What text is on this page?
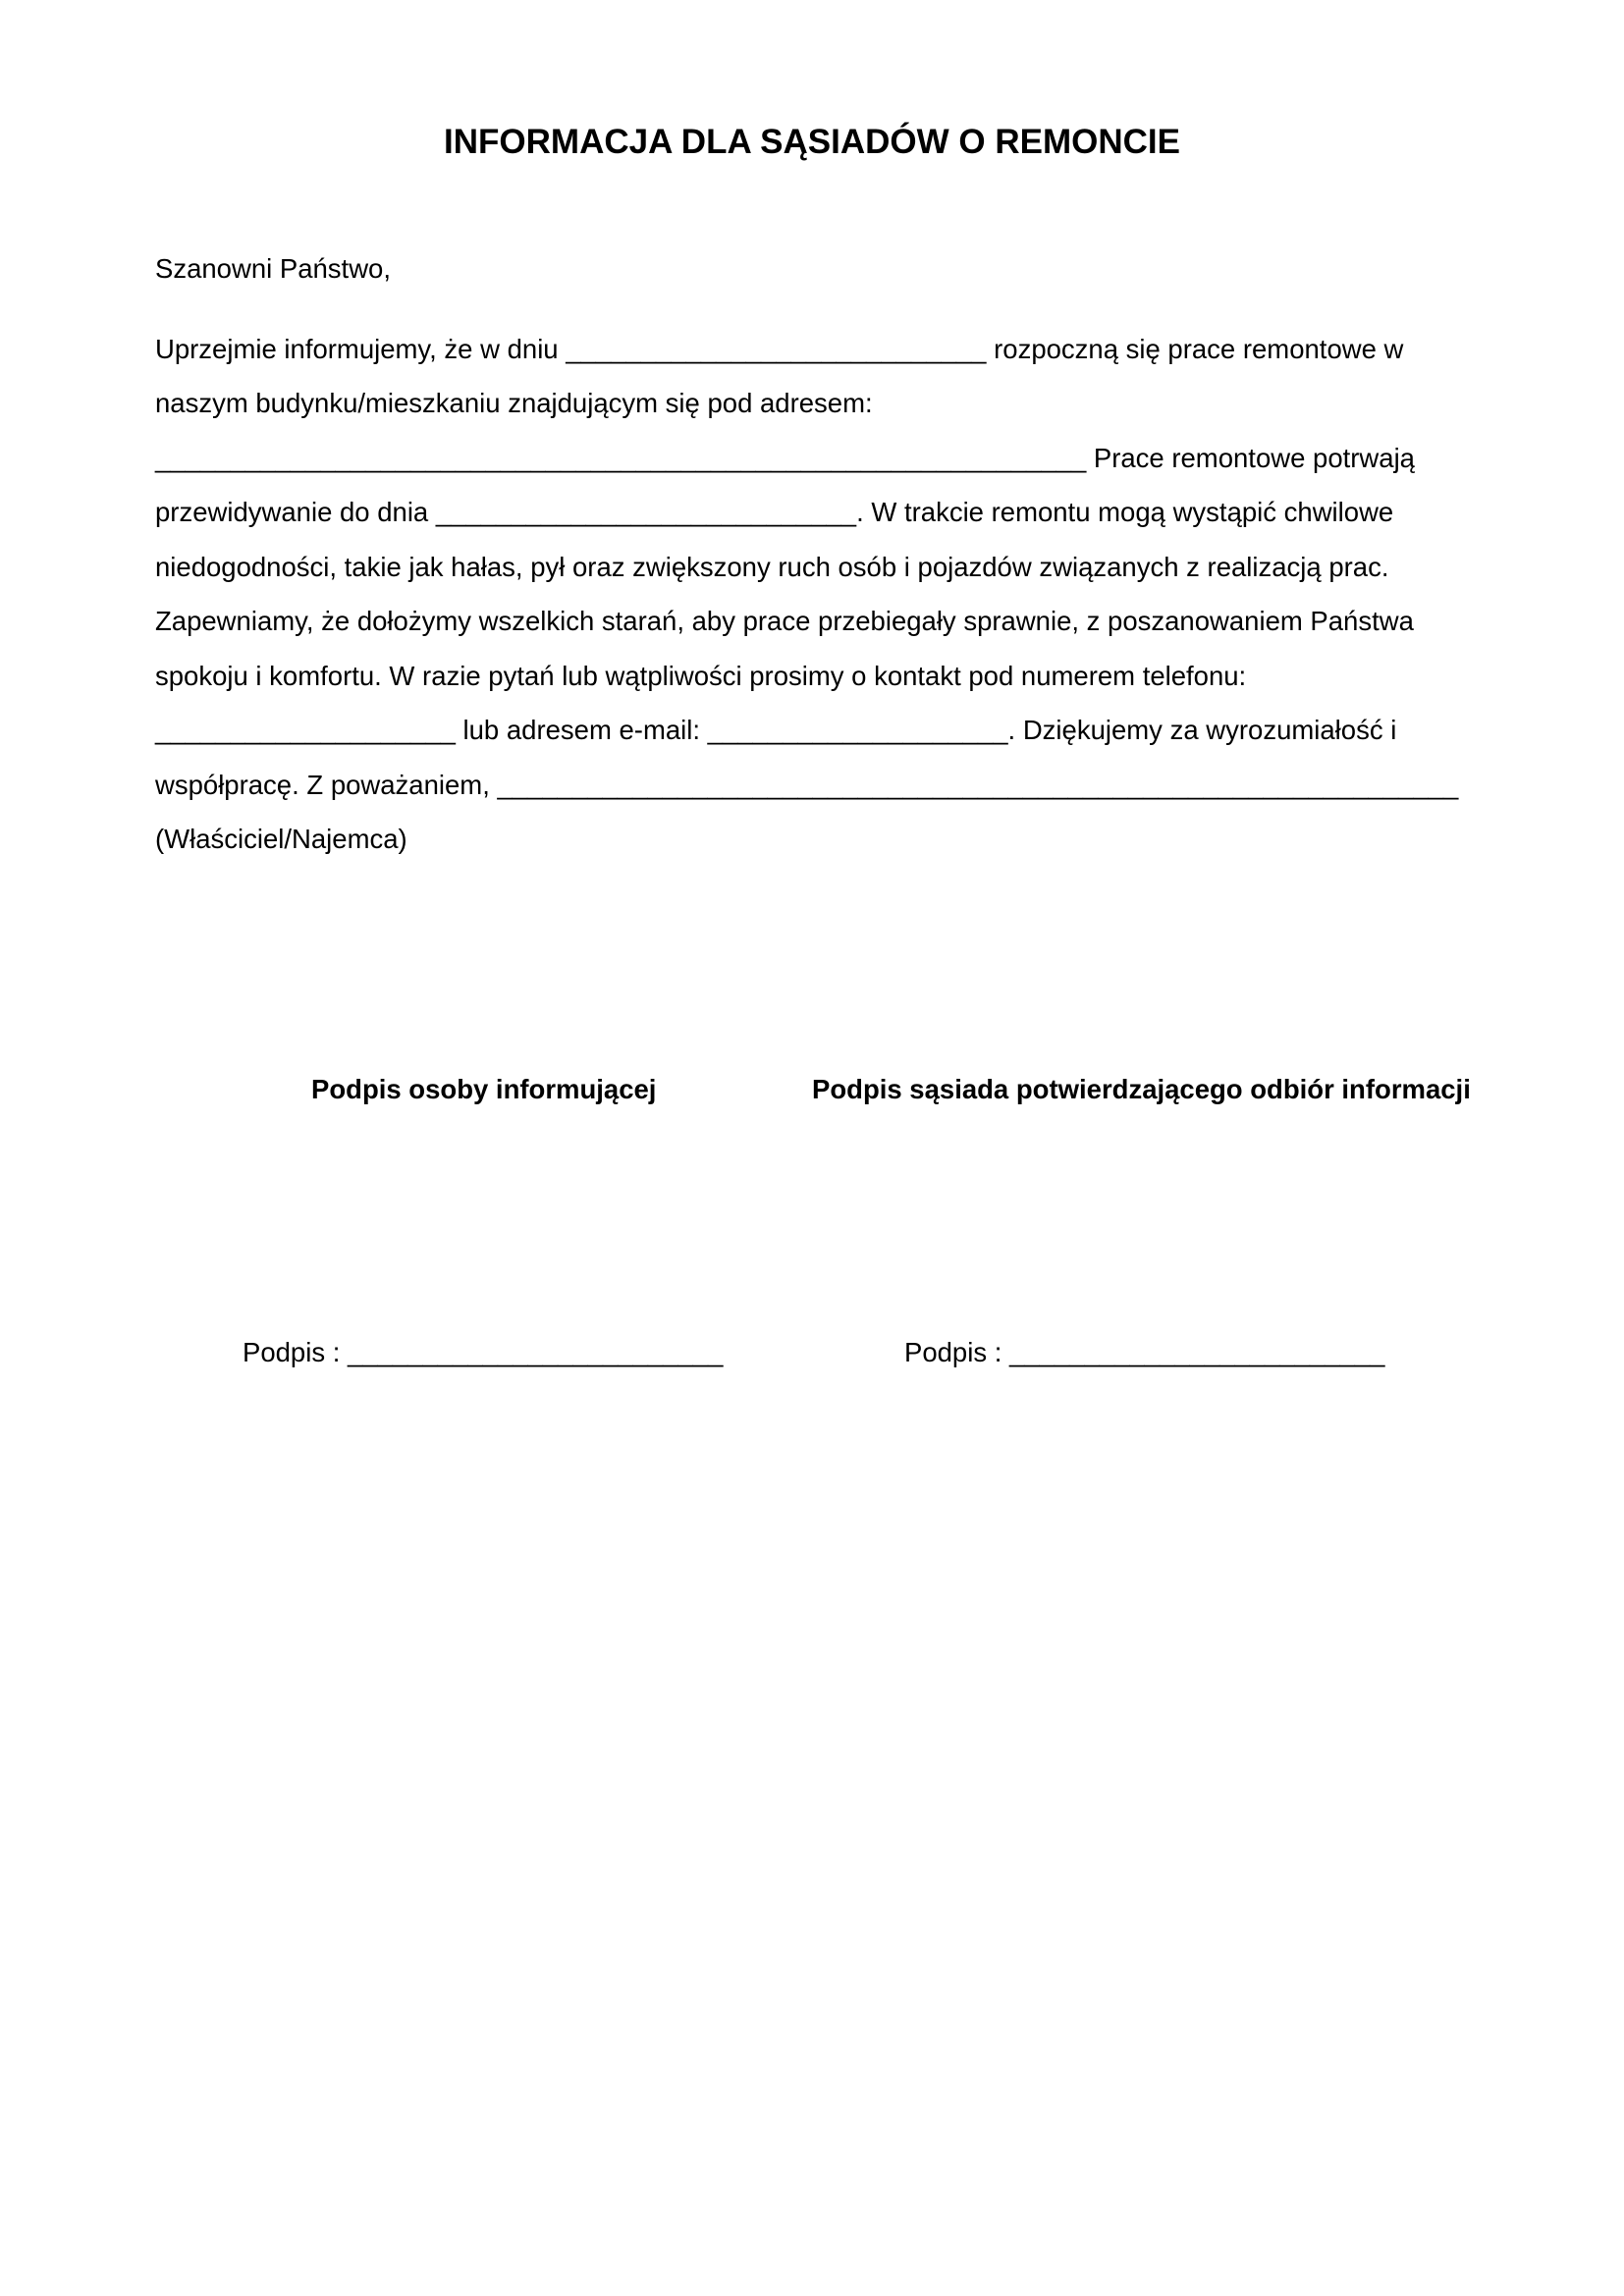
INFORMACJA DLA SĄSIADÓW O REMONCIE
Szanowni Państwo,
Uprzejmie informujemy, że w dniu ____________________________ rozpoczną się prace remontowe w
naszym budynku/mieszkaniu znajdującym się pod adresem:
______________________________________________________________ Prace remontowe potrwają
przewidywanie do dnia ____________________________. W trakcie remontu mogą wystąpić chwilowe
niedogodności, takie jak hałas, pył oraz zwiększony ruch osób i pojazdów związanych z realizacją prac.
Zapewniamy, że dołożymy wszelkich starań, aby prace przebiegały sprawnie, z poszanowaniem Państwa
spokoju i komfortu. W razie pytań lub wątpliwości prosimy o kontakt pod numerem telefonu:
____________________ lub adresem e-mail: ____________________. Dziękujemy za wyrozumiałość i
współpracę. Z poważaniem, ________________________________________________________________
(Właściciel/Najemca)
Podpis osoby informującej	Podpis sąsiada potwierdzającego odbiór informacji
Podpis : _________________________	Podpis : _________________________
